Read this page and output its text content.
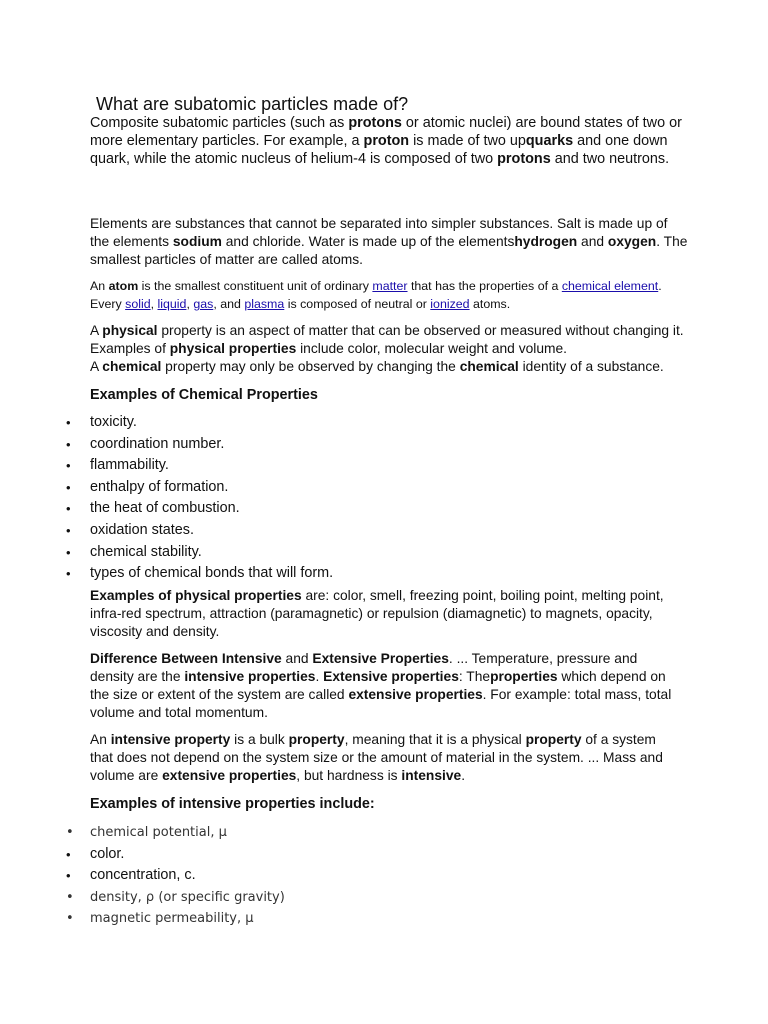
What are subatomic particles made of?

Composite subatomic particles (such as protons or atomic nuclei) are bound states of two or more elementary particles. For example, a proton is made of two upquarks and one down quark, while the atomic nucleus of helium-4 is composed of two protons and two neutrons.

Elements are substances that cannot be separated into simpler substances. Salt is made up of the elements sodium and chloride. Water is made up of the elementshydrogen and oxygen. The smallest particles of matter are called atoms.

An atom is the smallest constituent unit of ordinary matter that has the properties of a chemical element. Every solid, liquid, gas, and plasma is composed of neutral or ionized atoms.

A physical property is an aspect of matter that can be observed or measured without changing it. Examples of physical properties include color, molecular weight and volume.

A chemical property may only be observed by changing the chemical identity of a substance.

Examples of Chemical Properties
• toxicity.
• coordination number.
• flammability.
• enthalpy of formation.
• the heat of combustion.
• oxidation states.
• chemical stability.
• types of chemical bonds that will form.

Examples of physical properties are: color, smell, freezing point, boiling point, melting point, infra-red spectrum, attraction (paramagnetic) or repulsion (diamagnetic) to magnets, opacity, viscosity and density.

Difference Between Intensive and Extensive Properties. ... Temperature, pressure and density are the intensive properties. Extensive properties: Theproperties which depend on the size or extent of the system are called extensive properties. For example: total mass, total volume and total momentum.

An intensive property is a bulk property, meaning that it is a physical property of a system that does not depend on the system size or the amount of material in the system. ... Mass and volume are extensive properties, but hardness is intensive.

Examples of intensive properties include:
• chemical potential, μ
• color.
• concentration, c.
• density, ρ (or specific gravity)
• magnetic permeability, μ
